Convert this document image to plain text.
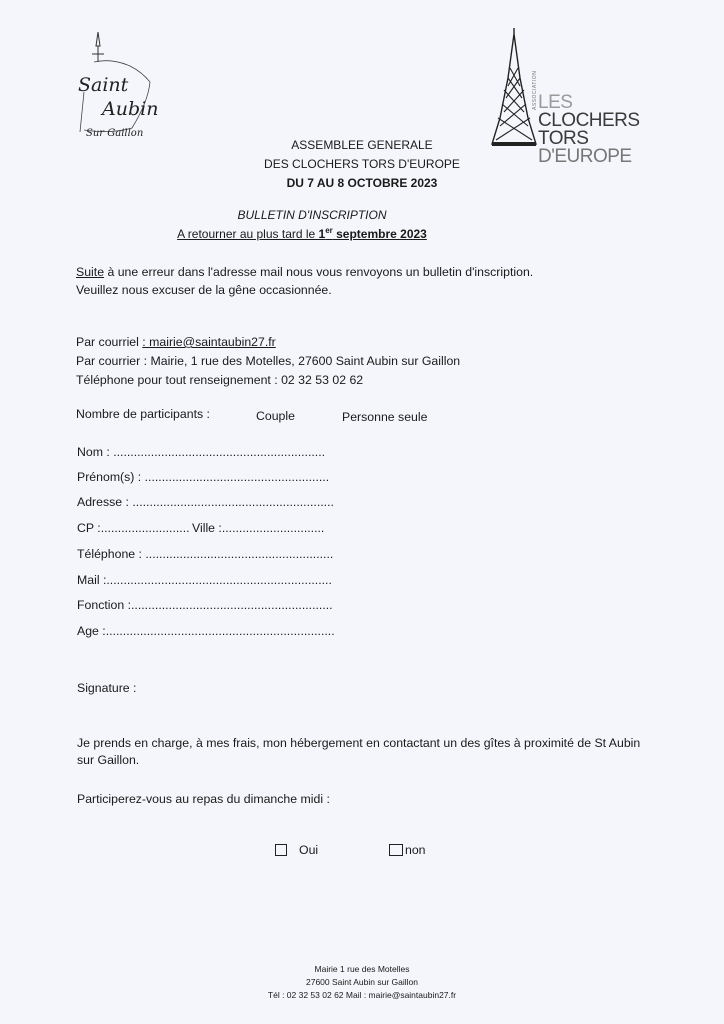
Saint
Aubin
Sur Gaillon
ASSOCIATION LES
CLOCHERS
TORS
D'EUROPE
ASSEMBLEE GENERALE
DES CLOCHERS TORS D'EUROPE
DU 7 AU 8 OCTOBRE 2023
BULLETIN D'INSCRIPTION
A retourner au plus tard le 1er septembre 2023
Suite à une erreur dans l'adresse mail nous vous renvoyons un bulletin d'inscription.
Veuillez nous excuser de la gêne occasionnée.
Par courriel : mairie@saintaubin27.fr
Par courrier : Mairie, 1 rue des Motelles, 27600 Saint Aubin sur Gaillon
Téléphone pour tout renseignement : 02 32 53 02 62
Nombre de participants :	Couple	Personne seule
Nom : ..............................................................
Prénom(s) : ......................................................
Adresse : ...........................................................
CP :.......................... Ville :..............................
Téléphone : .......................................................
Mail :..................................................................
Fonction :...........................................................
Age :...................................................................
Signature :
Je prends en charge, à mes frais, mon hébergement en contactant un des gîtes à proximité de St Aubin
sur Gaillon.
Participerez-vous au repas du dimanche midi :
Oui	non
Mairie 1 rue des Motelles
27600 Saint Aubin sur Gaillon
Tél : 02 32 53 02 62 Mail : mairie@saintaubin27.fr
